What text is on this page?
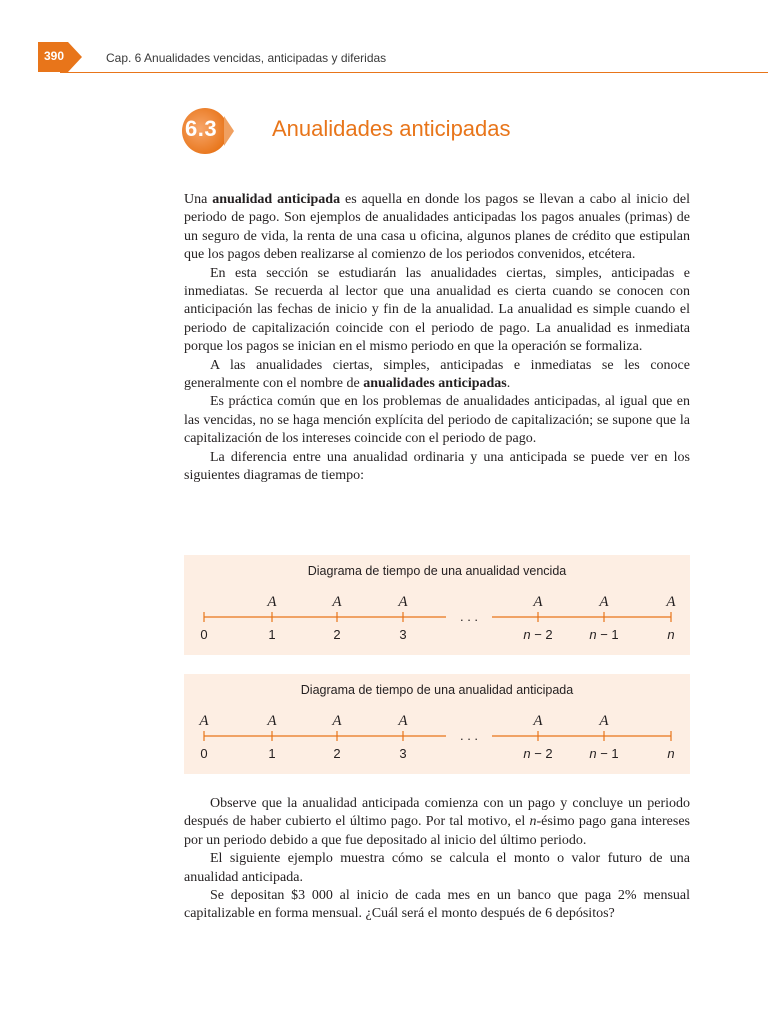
390	Cap. 6 Anualidades vencidas, anticipadas y diferidas
6.3 Anualidades anticipadas

Una anualidad anticipada es aquella en donde los pagos se llevan a cabo al inicio del periodo de pago. Son ejemplos de anualidades anticipadas los pagos anuales (primas) de un seguro de vida, la renta de una casa u oficina, algunos planes de crédito que estipulan que los pagos deben realizarse al comienzo de los periodos convenidos, etcétera.

En esta sección se estudiarán las anualidades ciertas, simples, anticipadas e inmediatas. Se recuerda al lector que una anualidad es cierta cuando se conocen con anticipación las fechas de inicio y fin de la anualidad. La anualidad es simple cuando el periodo de capitalización coincide con el periodo de pago. La anualidad es inmediata porque los pagos se inician en el mismo periodo en que la operación se formaliza.

A las anualidades ciertas, simples, anticipadas e inmediatas se les conoce generalmente con el nombre de anualidades anticipadas.

Es práctica común que en los problemas de anualidades anticipadas, al igual que en las vencidas, no se haga mención explícita del periodo de capitalización; se supone que la capitalización de los intereses coincide con el periodo de pago.

La diferencia entre una anualidad ordinaria y una anticipada se puede ver en los siguientes diagramas de tiempo:

Diagrama de tiempo de una anualidad vencida
. . .
0	1
A
2
A
3
A
n − 2
A
n − 1
A
n
A
Diagrama de tiempo de una anualidad anticipada
. . .
0
A
1
A
2
A
3
A
n − 2
A
n − 1
A
n

Observe que la anualidad anticipada comienza con un pago y concluye un periodo después de haber cubierto el último pago. Por tal motivo, el n-ésimo pago gana intereses por un periodo debido a que fue depositado al inicio del último periodo.

El siguiente ejemplo muestra cómo se calcula el monto o valor futuro de una anualidad anticipada.

Se depositan $3 000 al inicio de cada mes en un banco que paga 2% mensual capitalizable en forma mensual. ¿Cuál será el monto después de 6 depósitos?
